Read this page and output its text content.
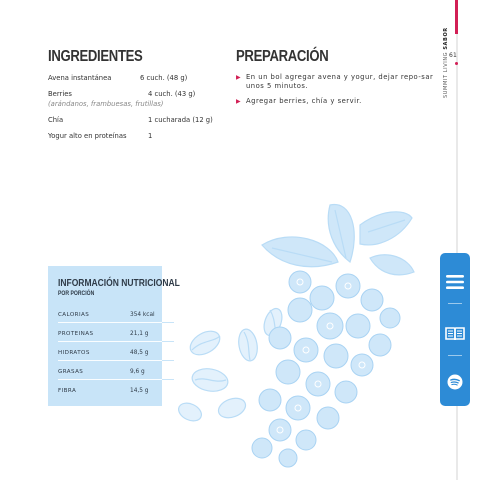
61
SUMMIT LIVING SABOR
INGREDIENTES
Avena instantánea	6 cuch. (48 g)
Berries	4 cuch. (43 g)
(arándanos, frambuesas, frutillas)
Chía	1 cucharada (12 g)
Yogur alto en proteínas	1
PREPARACIÓN
▶ En un bol agregar avena y yogur, dejar repo-sar unos 5 minutos.
▶ Agregar berries, chía y servir.
INFORMACIÓN NUTRICIONAL
POR PORCIÓN
CALORIAS	354 kcal
PROTEINAS	21,1 g
HIDRATOS	48,5 g
GRASAS	9,6 g
FIBRA	14,5 g
